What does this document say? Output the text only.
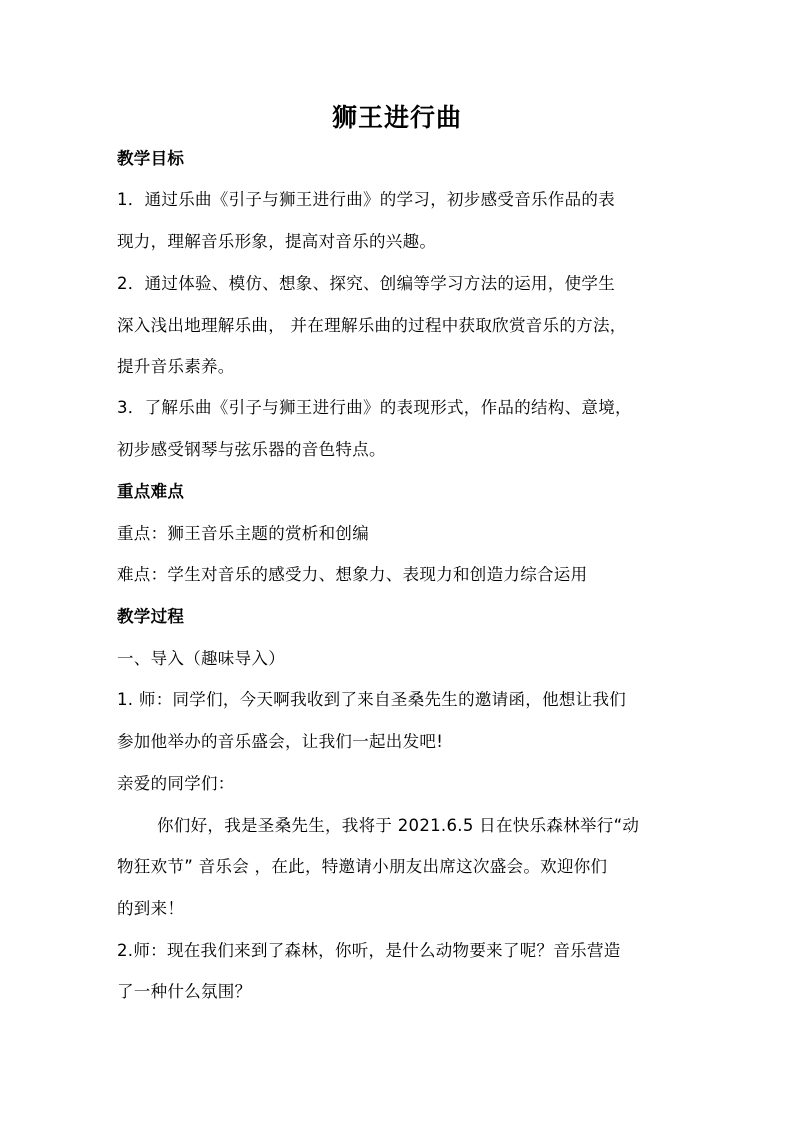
狮王进行曲
教学目标
1．通过乐曲《引子与狮王进行曲》的学习，初步感受音乐作品的表
现力，理解音乐形象，提高对音乐的兴趣。
2．通过体验、模仿、想象、探究、创编等学习方法的运用，使学生
深入浅出地理解乐曲， 并在理解乐曲的过程中获取欣赏音乐的方法，
提升音乐素养。
3．了解乐曲《引子与狮王进行曲》的表现形式，作品的结构、意境，
初步感受钢琴与弦乐器的音色特点。
重点难点
重点：狮王音乐主题的赏析和创编
难点：学生对音乐的感受力、想象力、表现力和创造力综合运用
教学过程
一、导入（趣味导入）
1. 师：同学们，今天啊我收到了来自圣桑先生的邀请函，他想让我们
参加他举办的音乐盛会，让我们一起出发吧!
亲爱的同学们：
你们好，我是圣桑先生，我将于 2021.6.5 日在快乐森林举行“动
物狂欢节” 音乐会 ，在此，特邀请小朋友出席这次盛会。欢迎你们
的到来！
2.师：现在我们来到了森林，你听，是什么动物要来了呢？音乐营造
了一种什么氛围？
